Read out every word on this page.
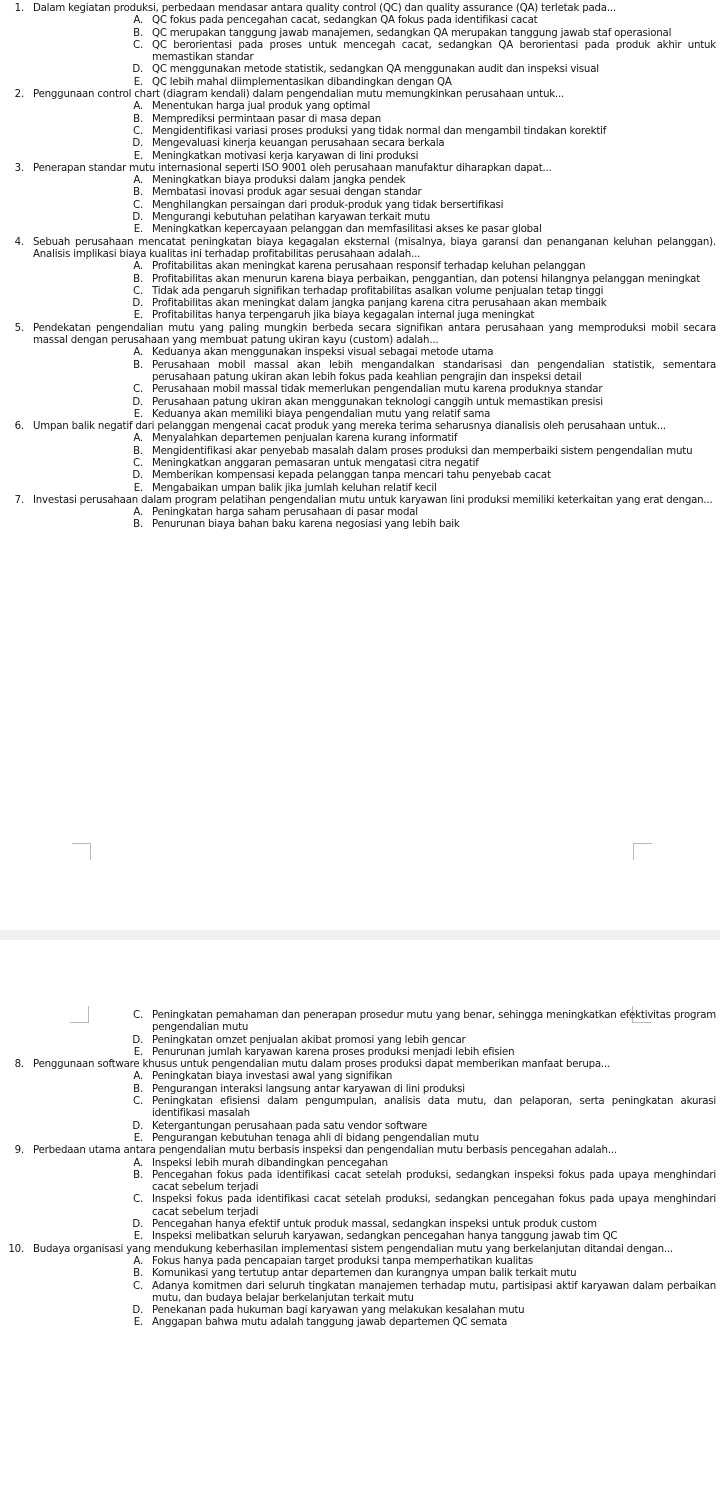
1. Dalam kegiatan produksi, perbedaan mendasar antara quality control (QC) dan quality assurance (QA) terletak pada...
A. QC fokus pada pencegahan cacat, sedangkan QA fokus pada identifikasi cacat
B. QC merupakan tanggung jawab manajemen, sedangkan QA merupakan tanggung jawab staf operasional
C. QC berorientasi pada proses untuk mencegah cacat, sedangkan QA berorientasi pada produk akhir untuk memastikan standar
D. QC menggunakan metode statistik, sedangkan QA menggunakan audit dan inspeksi visual
E. QC lebih mahal diimplementasikan dibandingkan dengan QA
2. Penggunaan control chart (diagram kendali) dalam pengendalian mutu memungkinkan perusahaan untuk...
A. Menentukan harga jual produk yang optimal
B. Memprediksi permintaan pasar di masa depan
C. Mengidentifikasi variasi proses produksi yang tidak normal dan mengambil tindakan korektif
D. Mengevaluasi kinerja keuangan perusahaan secara berkala
E. Meningkatkan motivasi kerja karyawan di lini produksi
3. Penerapan standar mutu internasional seperti ISO 9001 oleh perusahaan manufaktur diharapkan dapat...
A. Meningkatkan biaya produksi dalam jangka pendek
B. Membatasi inovasi produk agar sesuai dengan standar
C. Menghilangkan persaingan dari produk-produk yang tidak bersertifikasi
D. Mengurangi kebutuhan pelatihan karyawan terkait mutu
E. Meningkatkan kepercayaan pelanggan dan memfasilitasi akses ke pasar global
4. Sebuah perusahaan mencatat peningkatan biaya kegagalan eksternal (misalnya, biaya garansi dan penanganan keluhan pelanggan). Analisis implikasi biaya kualitas ini terhadap profitabilitas perusahaan adalah...
A. Profitabilitas akan meningkat karena perusahaan responsif terhadap keluhan pelanggan
B. Profitabilitas akan menurun karena biaya perbaikan, penggantian, dan potensi hilangnya pelanggan meningkat
C. Tidak ada pengaruh signifikan terhadap profitabilitas asalkan volume penjualan tetap tinggi
D. Profitabilitas akan meningkat dalam jangka panjang karena citra perusahaan akan membaik
E. Profitabilitas hanya terpengaruh jika biaya kegagalan internal juga meningkat
5. Pendekatan pengendalian mutu yang paling mungkin berbeda secara signifikan antara perusahaan yang memproduksi mobil secara massal dengan perusahaan yang membuat patung ukiran kayu (custom) adalah...
A. Keduanya akan menggunakan inspeksi visual sebagai metode utama
B. Perusahaan mobil massal akan lebih mengandalkan standarisasi dan pengendalian statistik, sementara perusahaan patung ukiran akan lebih fokus pada keahlian pengrajin dan inspeksi detail
C. Perusahaan mobil massal tidak memerlukan pengendalian mutu karena produknya standar
D. Perusahaan patung ukiran akan menggunakan teknologi canggih untuk memastikan presisi
E. Keduanya akan memiliki biaya pengendalian mutu yang relatif sama
6. Umpan balik negatif dari pelanggan mengenai cacat produk yang mereka terima seharusnya dianalisis oleh perusahaan untuk...
A. Menyalahkan departemen penjualan karena kurang informatif
B. Mengidentifikasi akar penyebab masalah dalam proses produksi dan memperbaiki sistem pengendalian mutu
C. Meningkatkan anggaran pemasaran untuk mengatasi citra negatif
D. Memberikan kompensasi kepada pelanggan tanpa mencari tahu penyebab cacat
E. Mengabaikan umpan balik jika jumlah keluhan relatif kecil
7. Investasi perusahaan dalam program pelatihan pengendalian mutu untuk karyawan lini produksi memiliki keterkaitan yang erat dengan...
A. Peningkatan harga saham perusahaan di pasar modal
B. Penurunan biaya bahan baku karena negosiasi yang lebih baik
C. Peningkatan pemahaman dan penerapan prosedur mutu yang benar, sehingga meningkatkan efektivitas program pengendalian mutu
D. Peningkatan omzet penjualan akibat promosi yang lebih gencar
E. Penurunan jumlah karyawan karena proses produksi menjadi lebih efisien
8. Penggunaan software khusus untuk pengendalian mutu dalam proses produksi dapat memberikan manfaat berupa...
A. Peningkatan biaya investasi awal yang signifikan
B. Pengurangan interaksi langsung antar karyawan di lini produksi
C. Peningkatan efisiensi dalam pengumpulan, analisis data mutu, dan pelaporan, serta peningkatan akurasi identifikasi masalah
D. Ketergantungan perusahaan pada satu vendor software
E. Pengurangan kebutuhan tenaga ahli di bidang pengendalian mutu
9. Perbedaan utama antara pengendalian mutu berbasis inspeksi dan pengendalian mutu berbasis pencegahan adalah...
A. Inspeksi lebih murah dibandingkan pencegahan
B. Pencegahan fokus pada identifikasi cacat setelah produksi, sedangkan inspeksi fokus pada upaya menghindari cacat sebelum terjadi
C. Inspeksi fokus pada identifikasi cacat setelah produksi, sedangkan pencegahan fokus pada upaya menghindari cacat sebelum terjadi
D. Pencegahan hanya efektif untuk produk massal, sedangkan inspeksi untuk produk custom
E. Inspeksi melibatkan seluruh karyawan, sedangkan pencegahan hanya tanggung jawab tim QC
10. Budaya organisasi yang mendukung keberhasilan implementasi sistem pengendalian mutu yang berkelanjutan ditandai dengan...
A. Fokus hanya pada pencapaian target produksi tanpa memperhatikan kualitas
B. Komunikasi yang tertutup antar departemen dan kurangnya umpan balik terkait mutu
C. Adanya komitmen dari seluruh tingkatan manajemen terhadap mutu, partisipasi aktif karyawan dalam perbaikan mutu, dan budaya belajar berkelanjutan terkait mutu
D. Penekanan pada hukuman bagi karyawan yang melakukan kesalahan mutu
E. Anggapan bahwa mutu adalah tanggung jawab departemen QC semata
